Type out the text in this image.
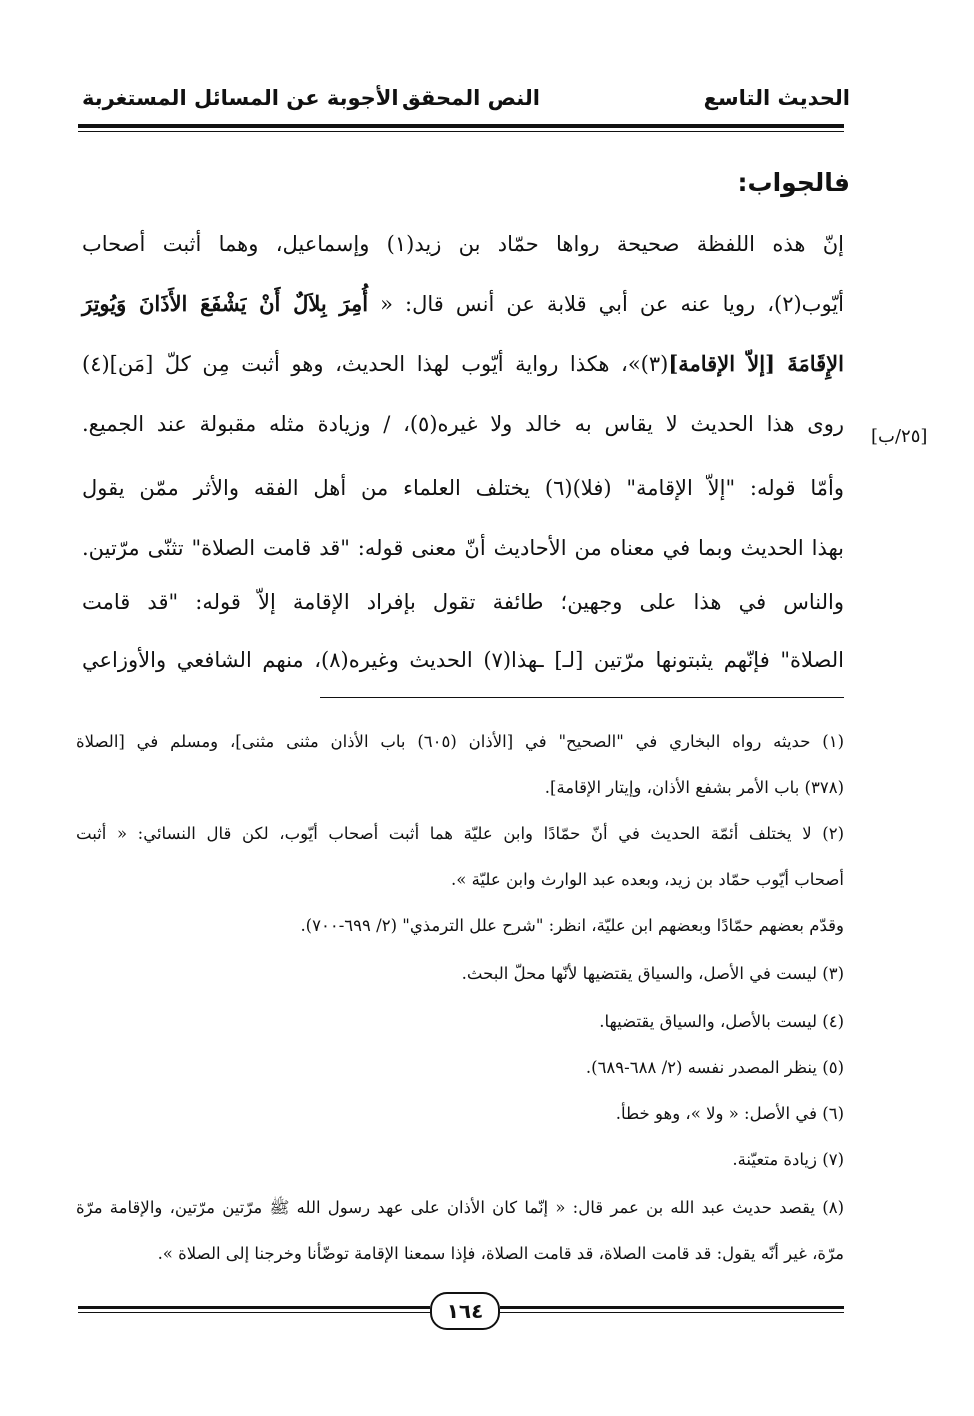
الحديث التاسع
النص المحقق
الأجوبة عن المسائل المستغربة
فالجواب:
إنّ هذه اللفظة صحيحة رواها حمّاد بن زيد(١) وإسماعيل، وهما أثبت أصحاب
أيّوب(٢)، رويا عنه عن أبي قلابة عن أنس قال: « أُمِرَ بِلاَلٌ أَنْ يَشْفَعَ الأَذَانَ وَيُوتِرَ
الإِقَامَةَ [إلاّ الإقامة](٣)»، هكذا رواية أيّوب لهذا الحديث، وهو أثبت مِن كلّ [مَن](٤)
روى هذا الحديث لا يقاس به خالد ولا غيره(٥)، / وزيادة مثله مقبولة عند الجميع.
[٢٥/ب]
وأمّا قوله: "إلاّ الإقامة" (فلا)(٦) يختلف العلماء من أهل الفقه والأثر ممّن يقول
بهذا الحديث وبما في معناه من الأحاديث أنّ معنى قوله: "قد قامت الصلاة" تثنّى مرّتين.
والناس في هذا على وجهين؛ طائفة تقول بإفراد الإقامة إلاّ قوله: "قد قامت
الصلاة" فإنّهم يثبتونها مرّتين [لـ] ـهذا(٧) الحديث وغيره(٨)، منهم الشافعي والأوزاعي
(١) حديثه رواه البخاري في "الصحيح" في [الأذان (٦٠٥) باب الأذان مثنى مثنى]، ومسلم في [الصلاة
(٣٧٨) باب الأمر بشفع الأذان، وإيتار الإقامة].
(٢) لا يختلف أئمّة الحديث في أنّ حمّادًا وابن عليّة هما أثبت أصحاب أيّوب، لكن قال النسائي: « أثبت
أصحاب أيّوب حمّاد بن زيد، وبعده عبد الوارث وابن عليّة ».
وقدّم بعضهم حمّادًا وبعضهم ابن عليّة، انظر: "شرح علل الترمذي" (٢/ ٦٩٩-٧٠٠).
(٣) ليست في الأصل، والسياق يقتضيها لأنّها محلّ البحث.
(٤) ليست بالأصل، والسياق يقتضيها.
(٥) ينظر المصدر نفسه (٢/ ٦٨٨-٦٨٩).
(٦) في الأصل: « ولا »، وهو خطأ.
(٧) زيادة متعيّنة.
(٨) يقصد حديث عبد الله بن عمر قال: « إنّما كان الأذان على عهد رسول الله ﷺ مرّتين مرّتين، والإقامة مرّة
مرّة، غير أنّه يقول: قد قامت الصلاة، قد قامت الصلاة، فإذا سمعنا الإقامة توضّأنا وخرجنا إلى الصلاة ».
١٦٤
